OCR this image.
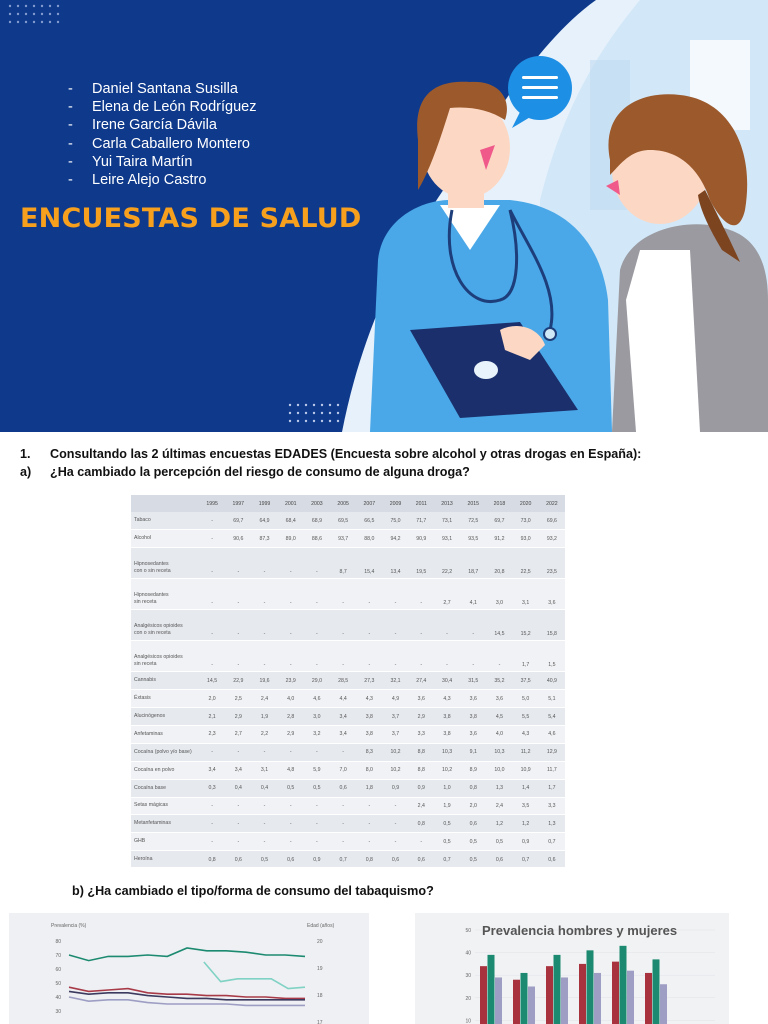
-	Daniel Santana Susilla
-	Elena de León Rodríguez
-	Irene García Dávila
-	Carla Caballero Montero
-	Yui Taira Martín
-	Leire Alejo Castro
ENCUESTAS DE SALUD
1. Consultando las 2 últimas encuestas EDADES (Encuesta sobre alcohol y otras drogas en España):
a) ¿Ha cambiado la percepción del riesgo de consumo de alguna droga?
	1995	1997	1999	2001	2003	2005	2007	2009	2011	2013	2015	2018	2020	2022
Tabaco	-	69,7	64,9	68,4	68,9	69,5	66,5	75,0	71,7	73,1	72,5	69,7	73,0	69,6
Alcohol	-	90,6	87,3	89,0	88,6	93,7	88,0	94,2	90,9	93,1	93,5	91,2	93,0	93,2
Hipnosedantes
con o sin receta	-	-	-	-	-	8,7	15,4	13,4	19,5	22,2	18,7	20,8	22,5	23,5
Hipnosedantes
sin receta	-	-	-	-	-	-	-	-	-	2,7	4,1	3,0	3,1	3,6
Analgésicos opioides
con o sin receta	-	-	-	-	-	-	-	-	-	-	-	14,5	15,2	15,8
Analgésicos opioides
sin receta	-	-	-	-	-	-	-	-	-	-	-	-	1,7	1,5
Cannabis	14,5	22,9	19,6	23,9	29,0	28,5	27,3	32,1	27,4	30,4	31,5	35,2	37,5	40,9
Éxtasis	2,0	2,5	2,4	4,0	4,6	4,4	4,3	4,9	3,6	4,3	3,6	3,6	5,0	5,1
Alucinógenos	2,1	2,9	1,9	2,8	3,0	3,4	3,8	3,7	2,9	3,8	3,8	4,5	5,5	5,4
Anfetaminas	2,3	2,7	2,2	2,9	3,2	3,4	3,8	3,7	3,3	3,8	3,6	4,0	4,3	4,6
Cocaína (polvo y/o base)	-	-	-	-	-	-	8,3	10,2	8,8	10,3	9,1	10,3	11,2	12,9
Cocaína en polvo	3,4	3,4	3,1	4,8	5,9	7,0	8,0	10,2	8,8	10,2	8,9	10,0	10,9	11,7
Cocaína base	0,3	0,4	0,4	0,5	0,5	0,6	1,8	0,9	0,9	1,0	0,8	1,3	1,4	1,7
Setas mágicas	-	-	-	-	-	-	-	-	2,4	1,9	2,0	2,4	3,5	3,3
Metanfetaminas	-	-	-	-	-	-	-	-	0,8	0,5	0,6	1,2	1,2	1,3
GHB	-	-	-	-	-	-	-	-	-	0,5	0,5	0,5	0,9	0,7
Heroína	0,8	0,6	0,5	0,6	0,9	0,7	0,8	0,6	0,6	0,7	0,5	0,6	0,7	0,6
b) ¿Ha cambiado el tipo/forma de consumo del tabaquismo?
Prevalencia (%)	Edad (años)
80
70
60
50
40
30
20
19
18
17
Prevalencia hombres y mujeres
50
40
30
20
10
